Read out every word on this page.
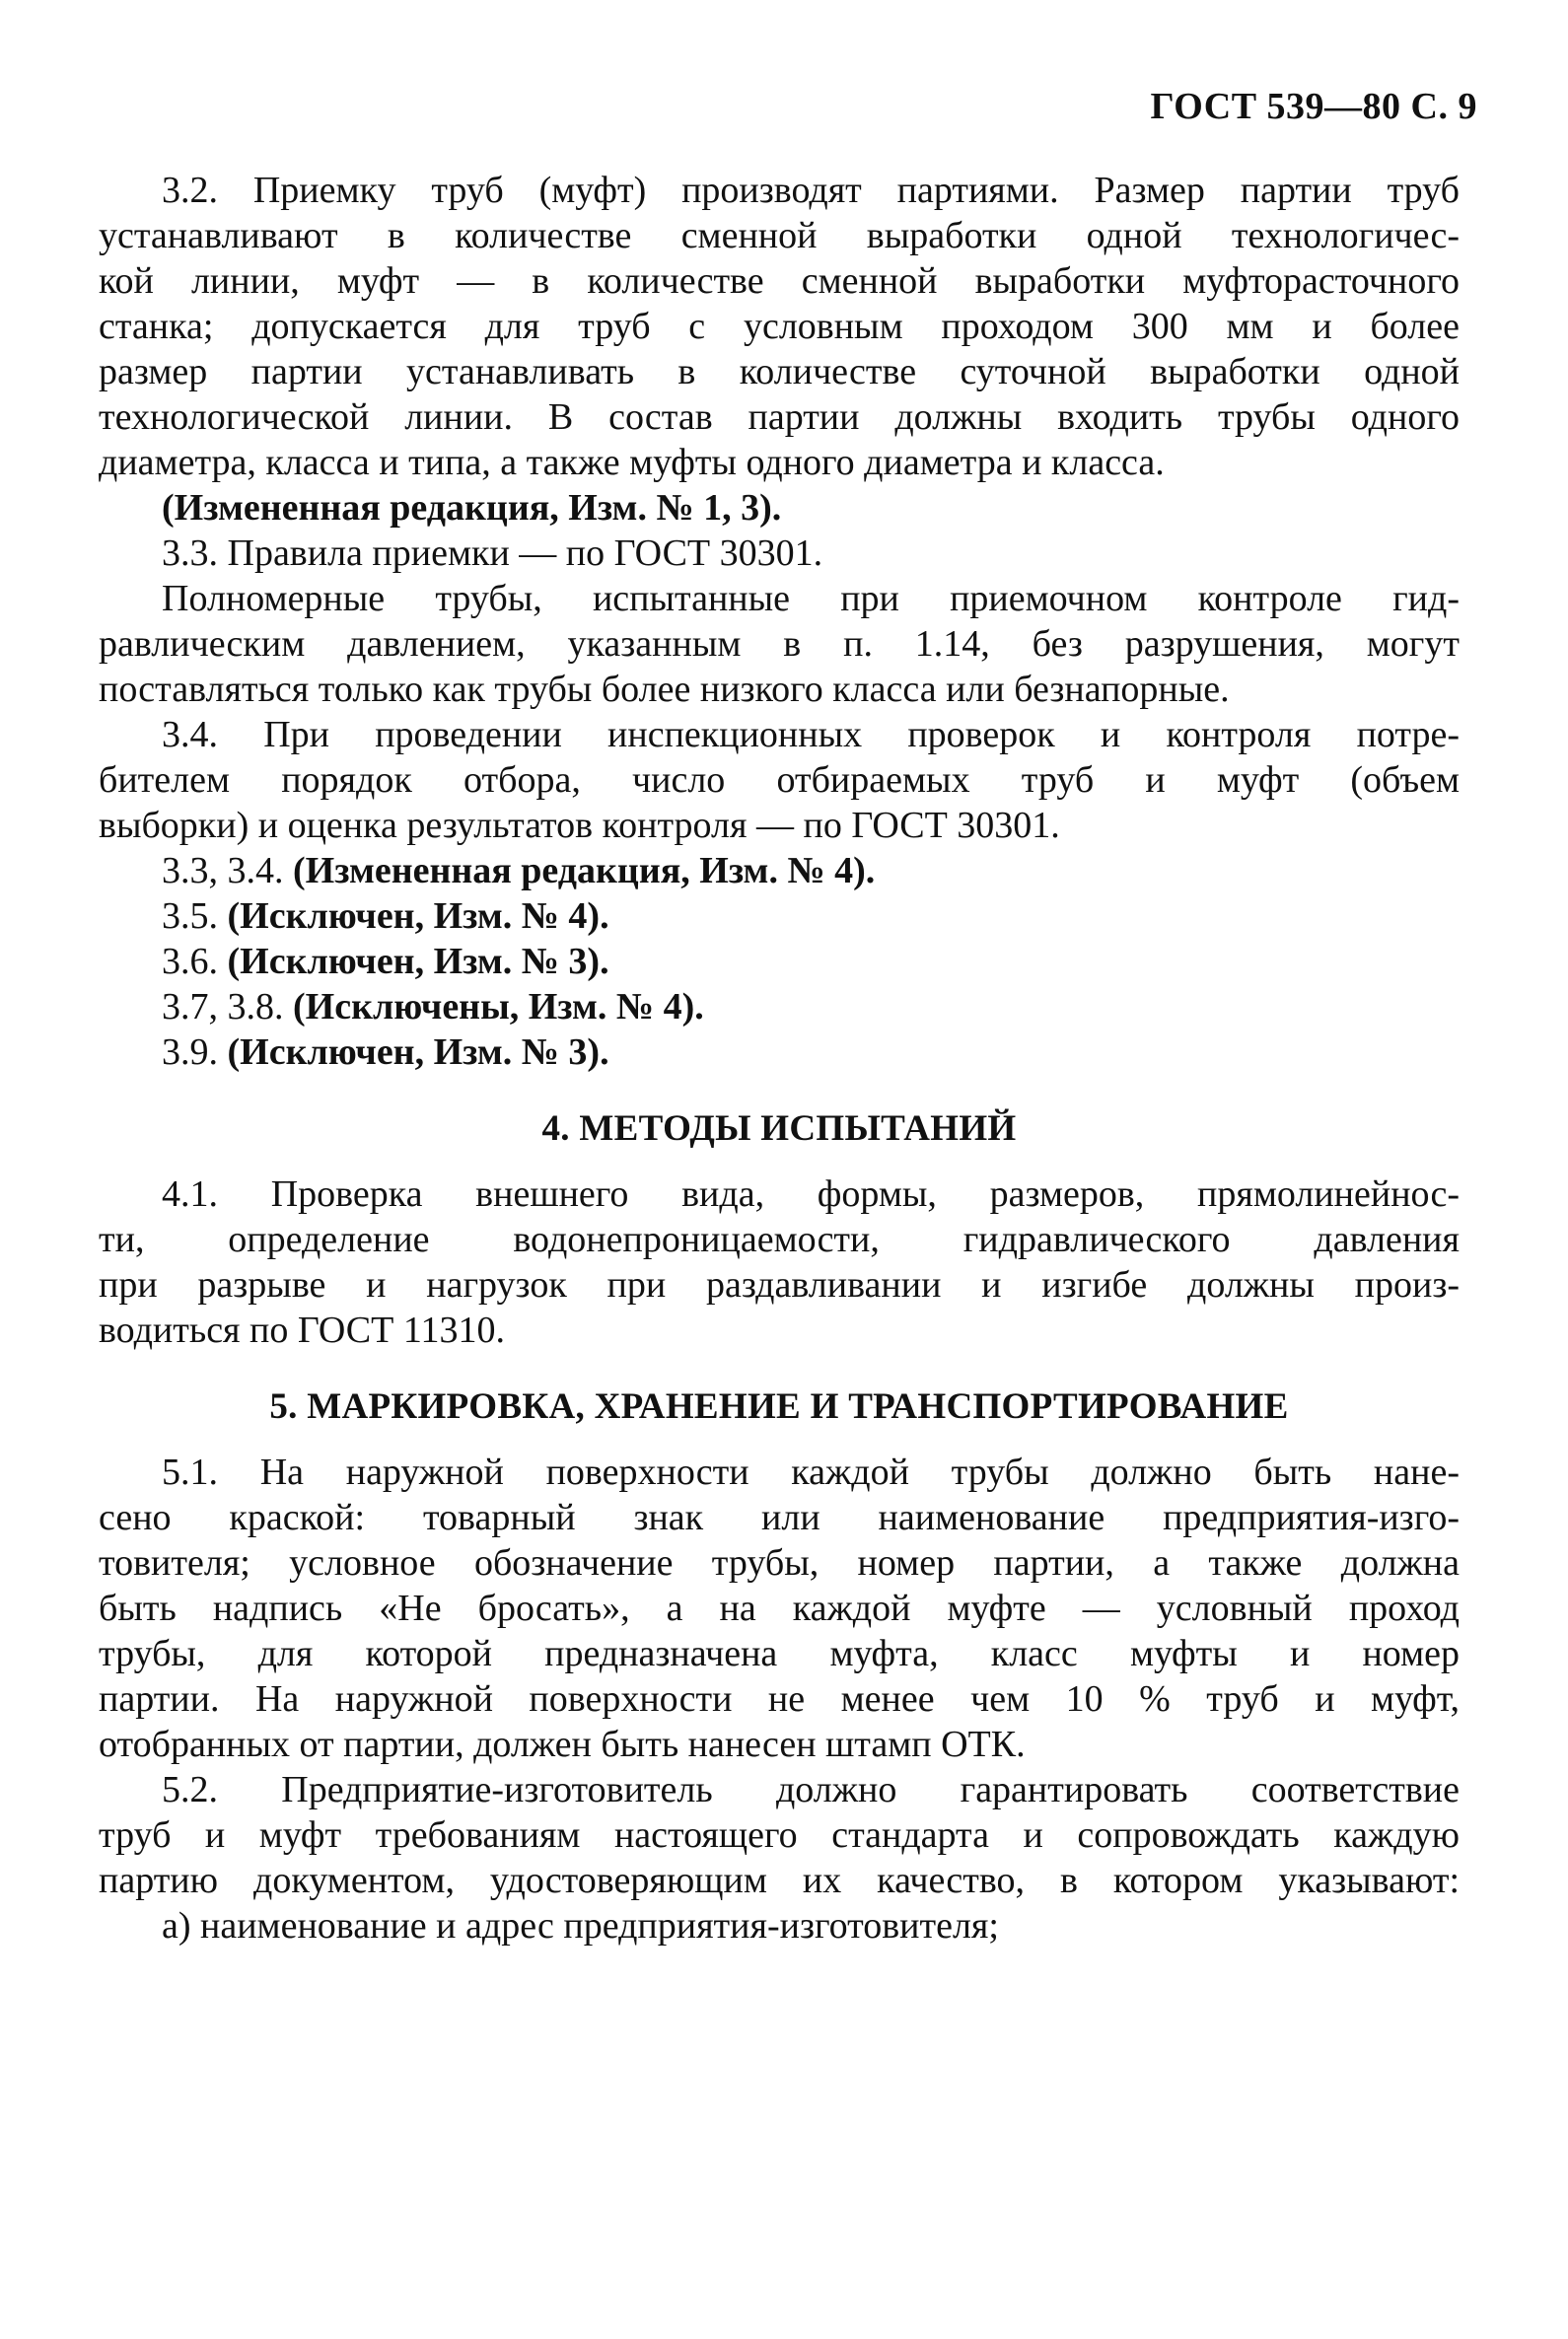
ГОСТ 539—80 С. 9

3.2. Приемку труб (муфт) производят партиями. Размер партии труб
устанавливают в количестве сменной выработки одной технологичес-
кой линии, муфт — в количестве сменной выработки муфторасточного
станка; допускается для труб с условным проходом 300 мм и более
размер партии устанавливать в количестве суточной выработки одной
технологической линии. В состав партии должны входить трубы одного
диаметра, класса и типа, а также муфты одного диаметра и класса.

(Измененная редакция, Изм. № 1, 3).

3.3. Правила приемки — по ГОСТ 30301.

Полномерные трубы, испытанные при приемочном контроле гид-
равлическим давлением, указанным в п. 1.14, без разрушения, могут
поставляться только как трубы более низкого класса или безнапорные.

3.4. При проведении инспекционных проверок и контроля потре-
бителем порядок отбора, число отбираемых труб и муфт (объем
выборки) и оценка результатов контроля — по ГОСТ 30301.

3.3, 3.4. (Измененная редакция, Изм. № 4).

3.5. (Исключен, Изм. № 4).

3.6. (Исключен, Изм. № 3).

3.7, 3.8. (Исключены, Изм. № 4).

3.9. (Исключен, Изм. № 3).

4. МЕТОДЫ ИСПЫТАНИЙ

4.1. Проверка внешнего вида, формы, размеров, прямолинейнос-
ти, определение водонепроницаемости, гидравлического давления
при разрыве и нагрузок при раздавливании и изгибе должны произ-
водиться по ГОСТ 11310.

5. МАРКИРОВКА, ХРАНЕНИЕ И ТРАНСПОРТИРОВАНИЕ

5.1. На наружной поверхности каждой трубы должно быть нане-
сено краской: товарный знак или наименование предприятия-изго-
товителя; условное обозначение трубы, номер партии, а также должна
быть надпись «Не бросать», а на каждой муфте — условный проход
трубы, для которой предназначена муфта, класс муфты и номер
партии. На наружной поверхности не менее чем 10 % труб и муфт,
отобранных от партии, должен быть нанесен штамп ОТК.

5.2. Предприятие-изготовитель должно гарантировать соответствие
труб и муфт требованиям настоящего стандарта и сопровождать каждую
партию документом, удостоверяющим их качество, в котором указывают:

а) наименование и адрес предприятия-изготовителя;
